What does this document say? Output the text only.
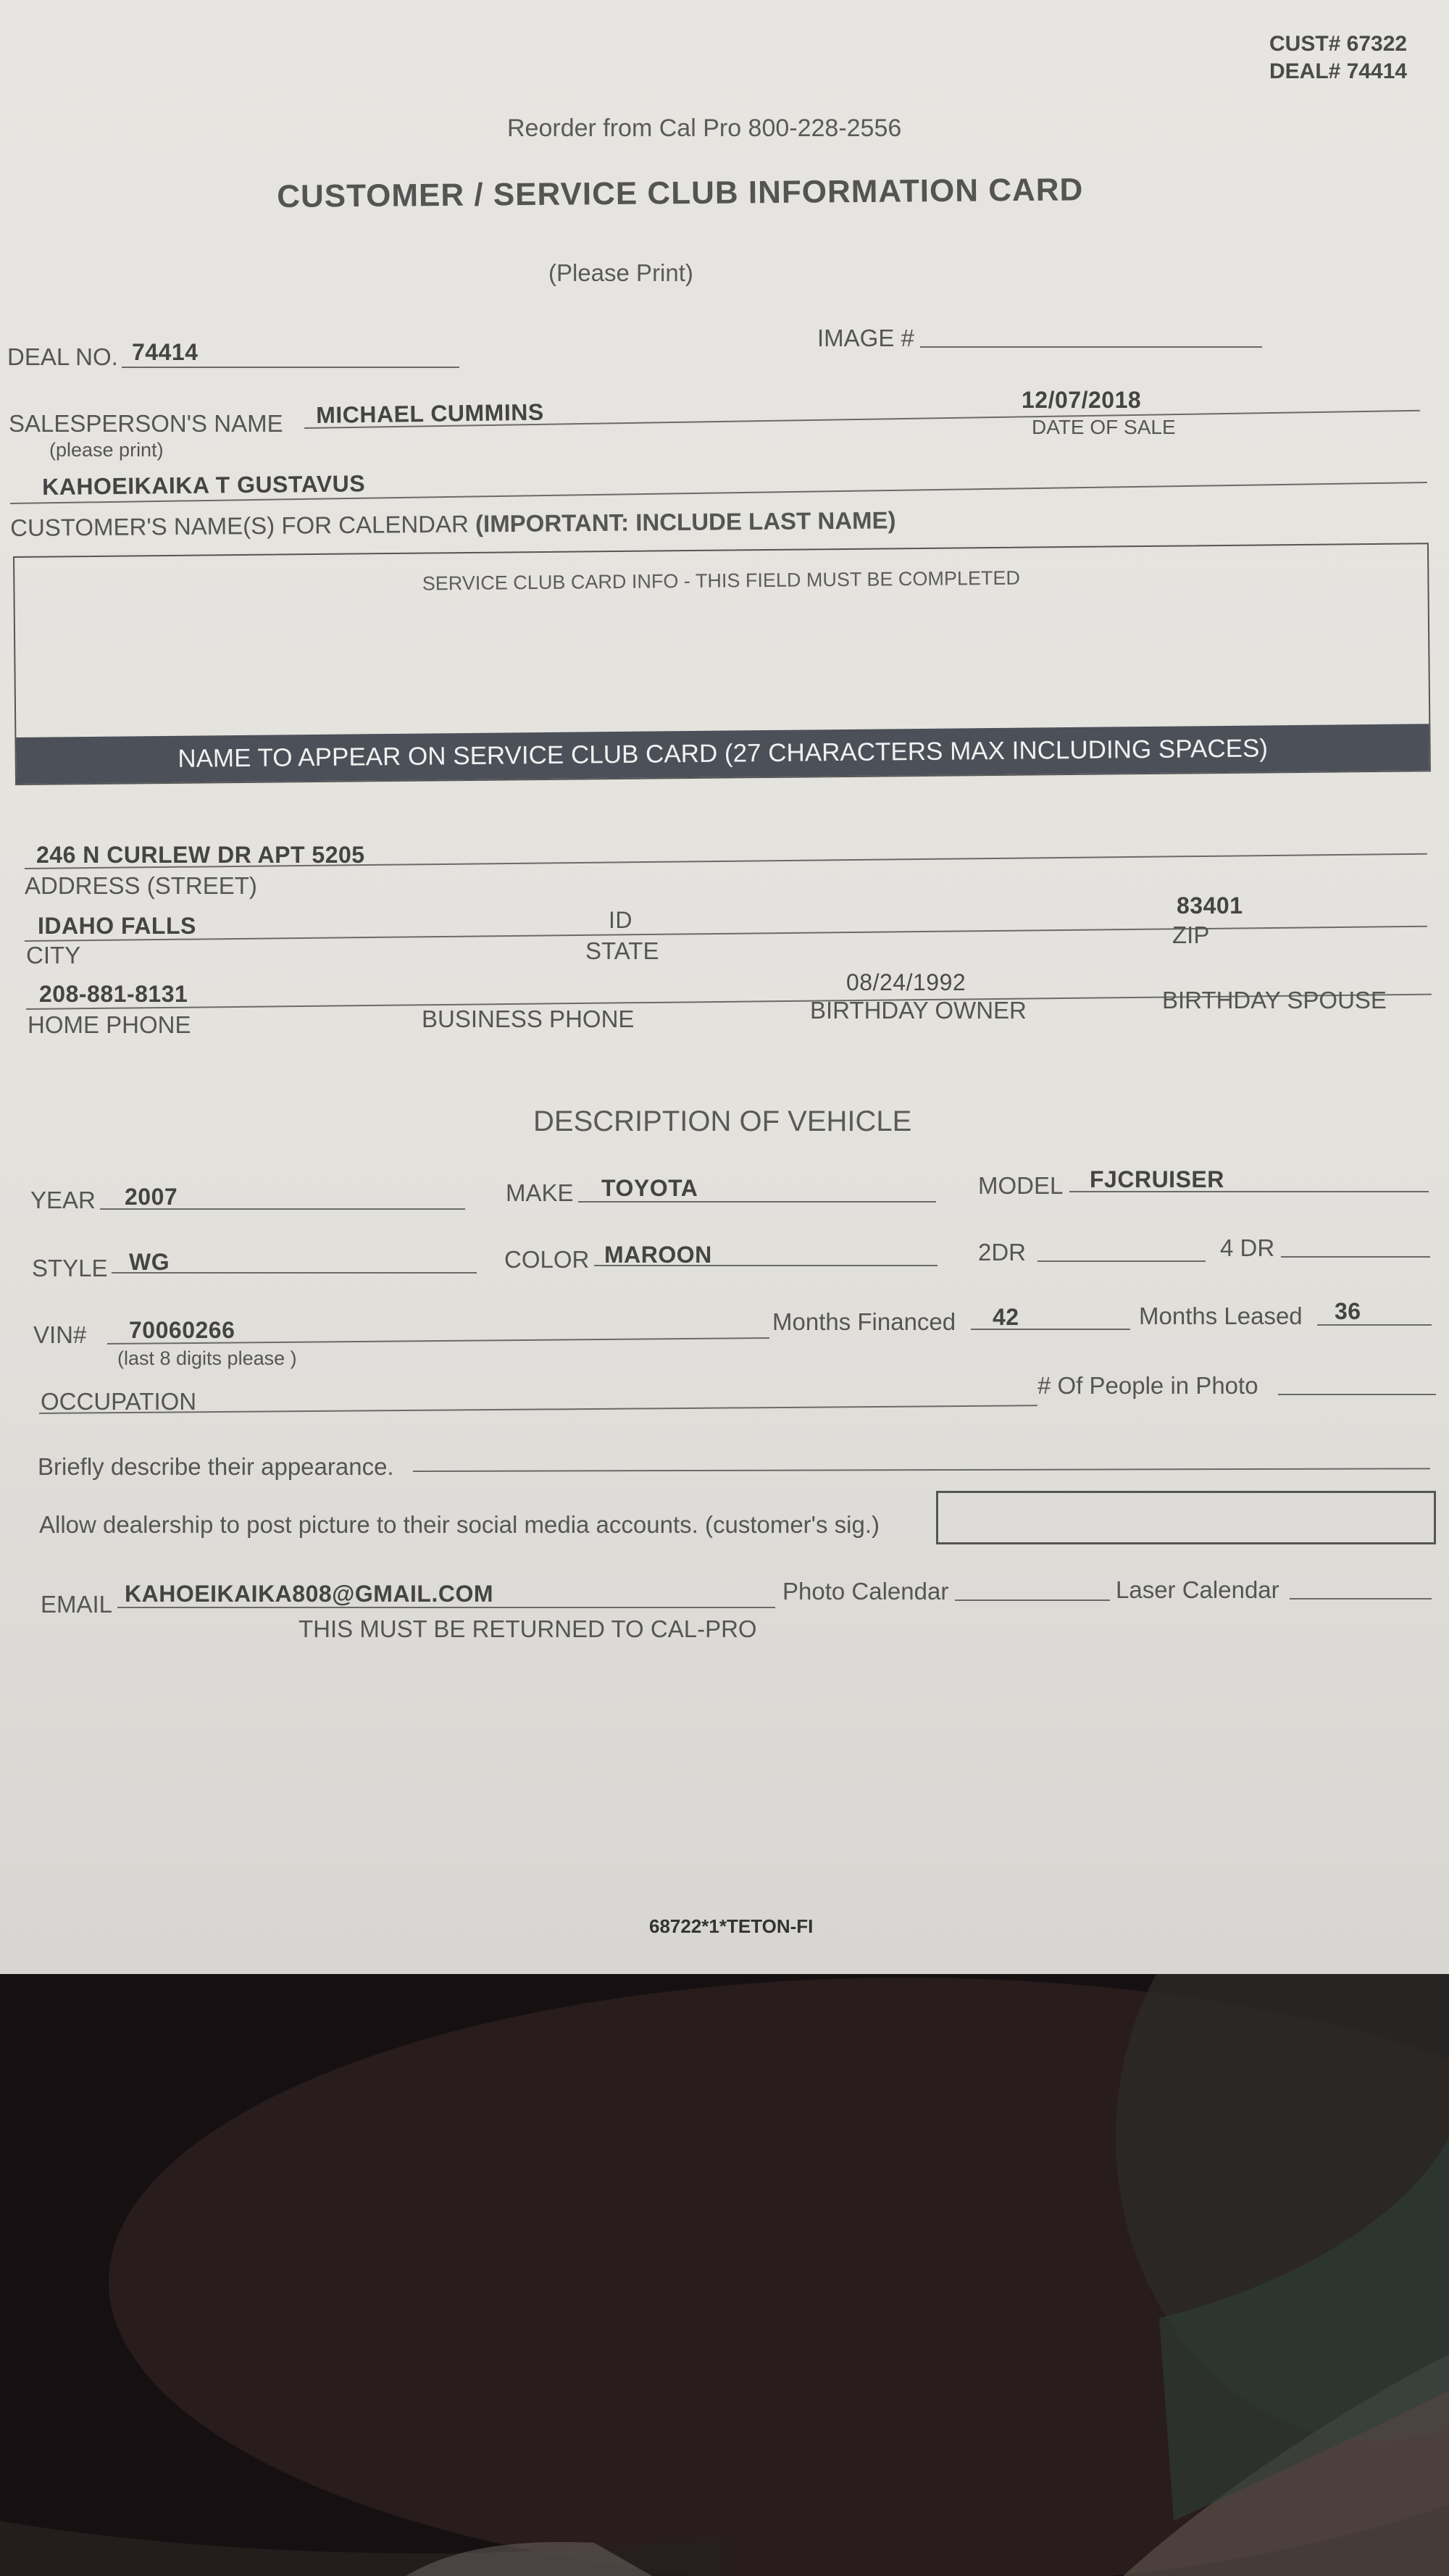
CUST# 67322
DEAL# 74414
Reorder from Cal Pro 800-228-2556
CUSTOMER / SERVICE CLUB INFORMATION CARD
(Please Print)
DEAL NO. 74414
IMAGE #
SALESPERSON'S NAME
(please print)
MICHAEL CUMMINS	12/07/2018
DATE OF SALE
KAHOEIKAIKA T GUSTAVUS
CUSTOMER'S NAME(S) FOR CALENDAR (IMPORTANT: INCLUDE LAST NAME)
SERVICE CLUB CARD INFO - THIS FIELD MUST BE COMPLETED
NAME TO APPEAR ON SERVICE CLUB CARD (27 CHARACTERS MAX INCLUDING SPACES)
246 N CURLEW DR APT 5205
ADDRESS (STREET)
IDAHO FALLS
CITY
ID
STATE
83401
ZIP
208-881-8131
HOME PHONE	BUSINESS PHONE
08/24/1992
BIRTHDAY OWNER	BIRTHDAY SPOUSE
DESCRIPTION OF VEHICLE
YEAR 2007	MAKE TOYOTA	MODEL FJCRUISER
STYLE WG	COLOR MAROON	2DR	4 DR
VIN# 70060266
(last 8 digits please )
Months Financed 42	Months Leased 36
OCCUPATION
# Of People in Photo
Briefly describe their appearance.
Allow dealership to post picture to their social media accounts. (customer's sig.)
EMAIL KAHOEIKAIKA808@GMAIL.COM	Photo Calendar	Laser Calendar
THIS MUST BE RETURNED TO CAL-PRO
68722*1*TETON-FI
